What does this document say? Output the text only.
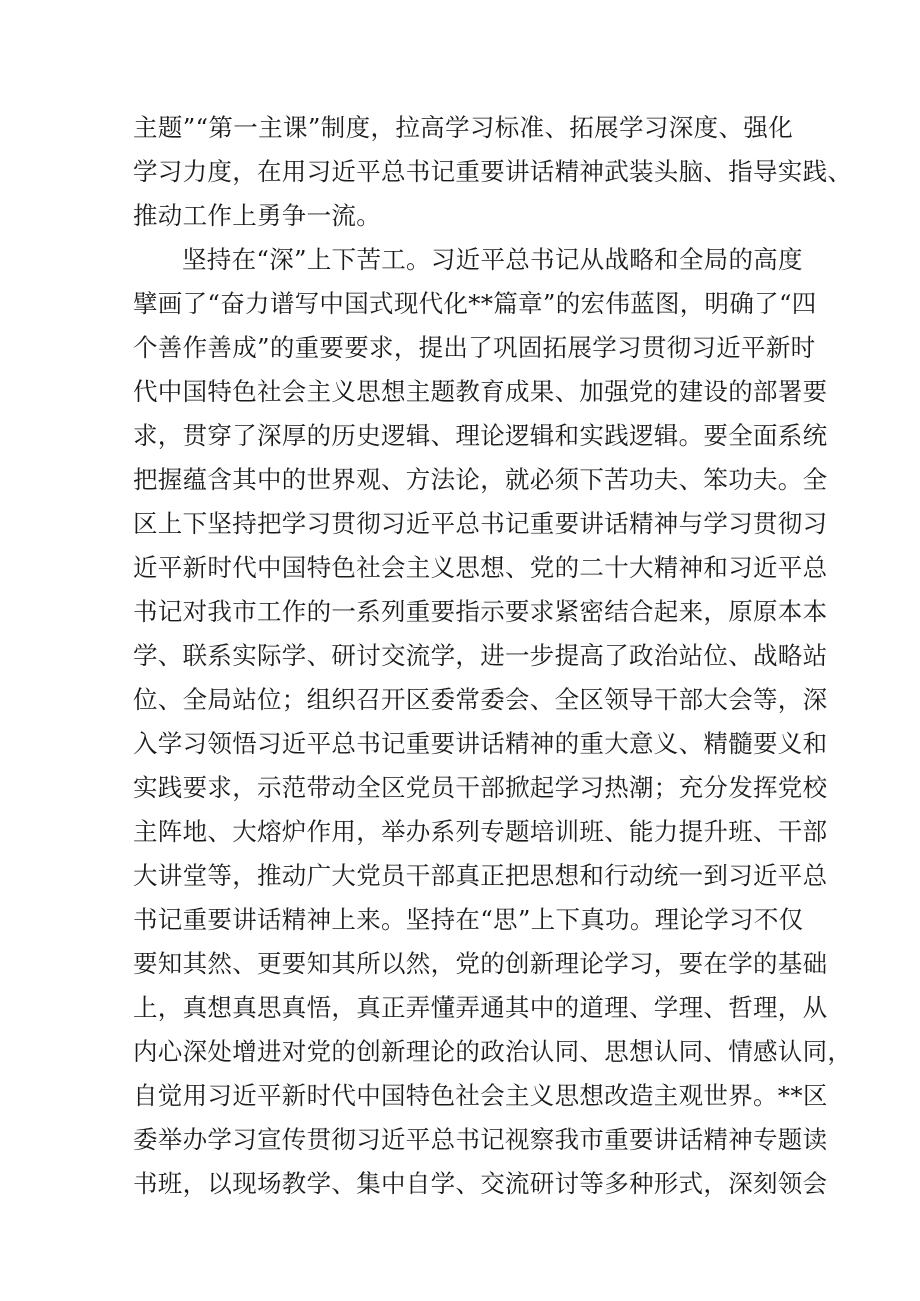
主题”“第一主课”制度，拉高学习标准、拓展学习深度、强化
学习力度，在用习近平总书记重要讲话精神武装头脑、指导实践、
推动工作上勇争一流。
坚持在“深”上下苦工。习近平总书记从战略和全局的高度
擘画了“奋力谱写中国式现代化**篇章”的宏伟蓝图，明确了“四
个善作善成”的重要要求，提出了巩固拓展学习贯彻习近平新时
代中国特色社会主义思想主题教育成果、加强党的建设的部署要
求，贯穿了深厚的历史逻辑、理论逻辑和实践逻辑。要全面系统
把握蕴含其中的世界观、方法论，就必须下苦功夫、笨功夫。全
区上下坚持把学习贯彻习近平总书记重要讲话精神与学习贯彻习
近平新时代中国特色社会主义思想、党的二十大精神和习近平总
书记对我市工作的一系列重要指示要求紧密结合起来，原原本本
学、联系实际学、研讨交流学，进一步提高了政治站位、战略站
位、全局站位；组织召开区委常委会、全区领导干部大会等，深
入学习领悟习近平总书记重要讲话精神的重大意义、精髓要义和
实践要求，示范带动全区党员干部掀起学习热潮；充分发挥党校
主阵地、大熔炉作用，举办系列专题培训班、能力提升班、干部
大讲堂等，推动广大党员干部真正把思想和行动统一到习近平总
书记重要讲话精神上来。坚持在“思”上下真功。理论学习不仅
要知其然、更要知其所以然，党的创新理论学习，要在学的基础
上，真想真思真悟，真正弄懂弄通其中的道理、学理、哲理，从
内心深处增进对党的创新理论的政治认同、思想认同、情感认同，
自觉用习近平新时代中国特色社会主义思想改造主观世界。**区
委举办学习宣传贯彻习近平总书记视察我市重要讲话精神专题读
书班，以现场教学、集中自学、交流研讨等多种形式，深刻领会
